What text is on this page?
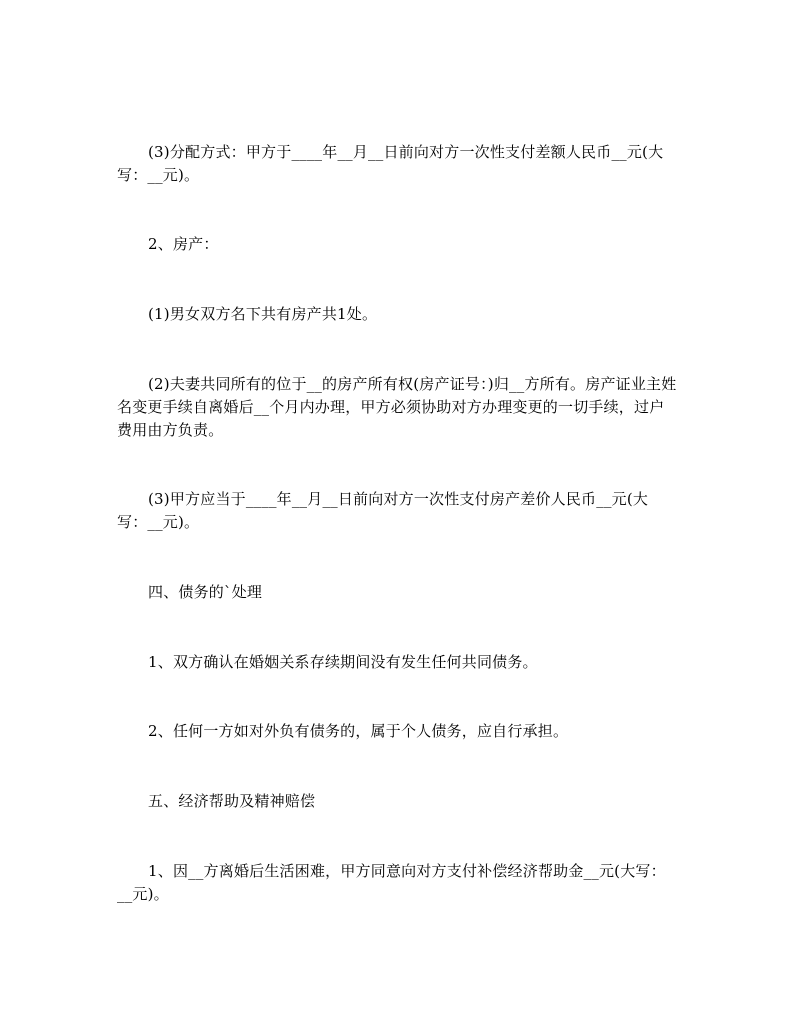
(3)分配方式：甲方于____年__月__日前向对方一次性支付差额人民币__元(大写：__元)。

2、房产：

(1)男女双方名下共有房产共1处。

(2)夫妻共同所有的位于__的房产所有权(房产证号：)归__方所有。房产证业主姓名变更手续自离婚后__个月内办理，甲方必须协助对方办理变更的一切手续，过户费用由方负责。

(3)甲方应当于____年__月__日前向对方一次性支付房产差价人民币__元(大写：__元)。

四、债务的`处理

1、双方确认在婚姻关系存续期间没有发生任何共同债务。

2、任何一方如对外负有债务的，属于个人债务，应自行承担。

五、经济帮助及精神赔偿

1、因__方离婚后生活困难，甲方同意向对方支付补偿经济帮助金__元(大写：__元)。
